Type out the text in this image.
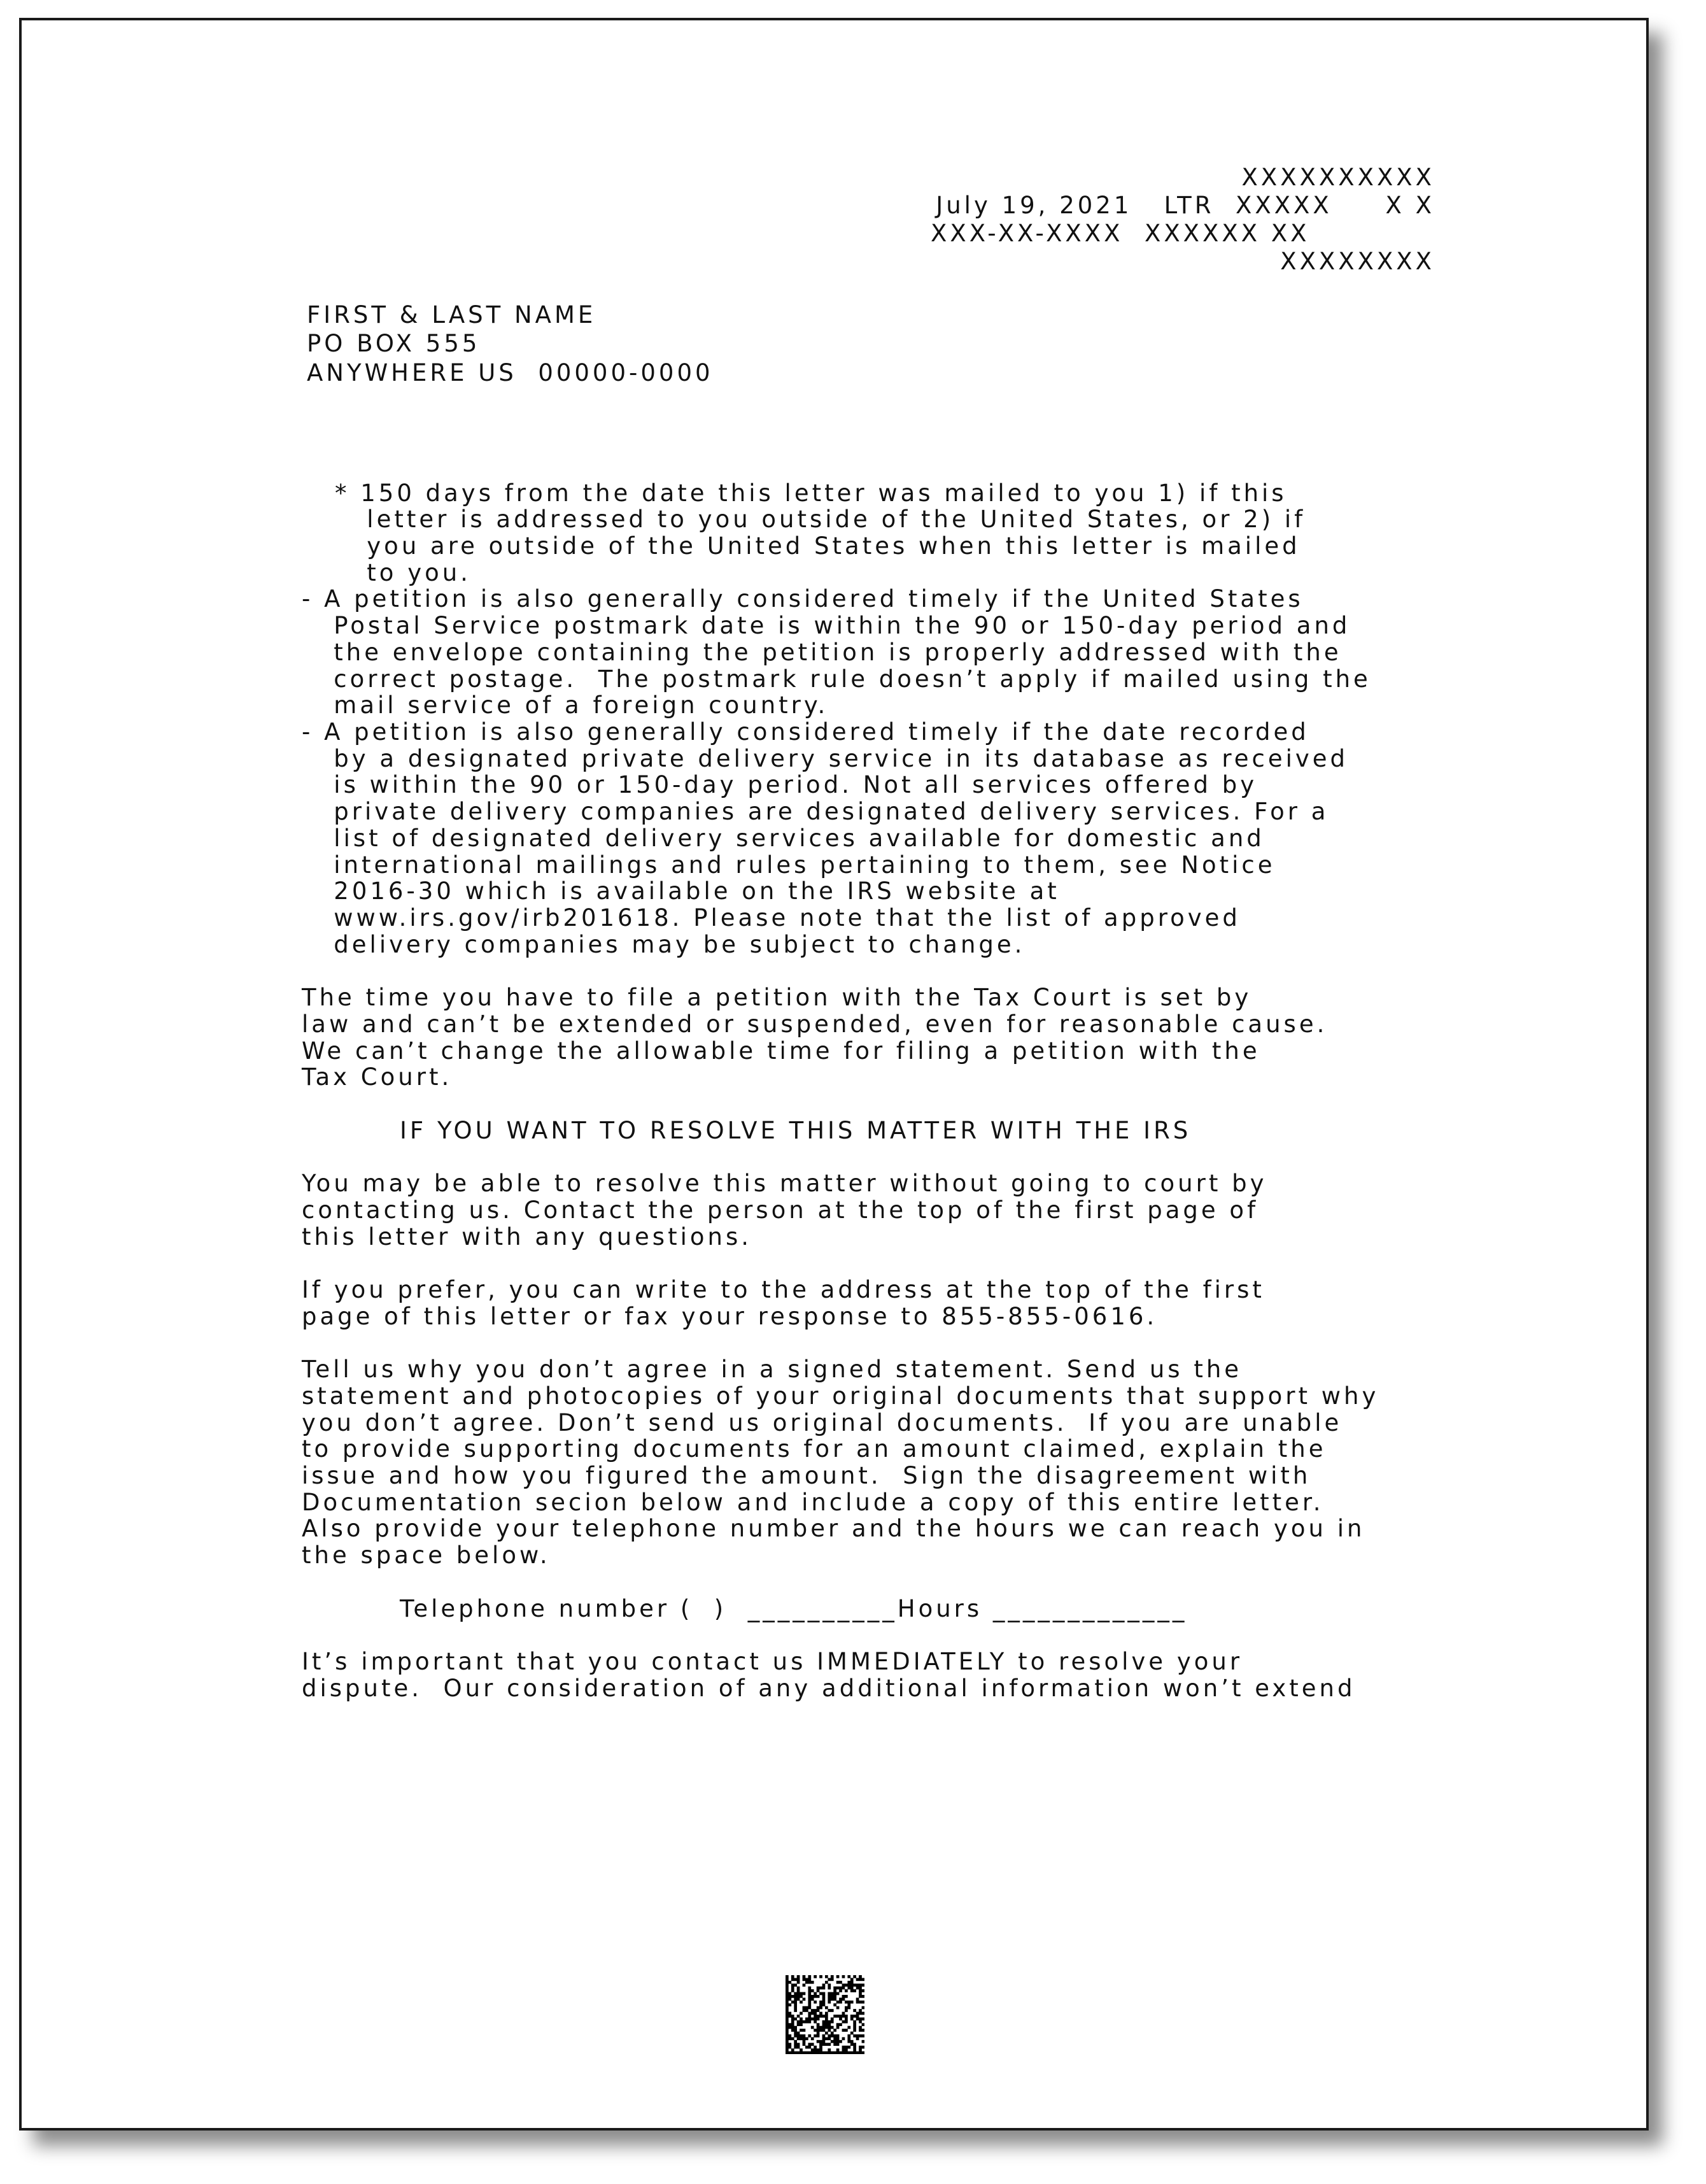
XXXXXXXXXX
July 19, 2021   LTR  XXXXX     X X
XXX-XX-XXXX  XXXXXX XX
XXXXXXXX
FIRST & LAST NAME
PO BOX 555
ANYWHERE US  00000-0000
* 150 days from the date this letter was mailed to you 1) if this
letter is addressed to you outside of the United States, or 2) if
you are outside of the United States when this letter is mailed
to you.
- A petition is also generally considered timely if the United States
Postal Service postmark date is within the 90 or 150-day period and
the envelope containing the petition is properly addressed with the
correct postage.  The postmark rule doesn’t apply if mailed using the
mail service of a foreign country.
- A petition is also generally considered timely if the date recorded
by a designated private delivery service in its database as received
is within the 90 or 150-day period. Not all services offered by
private delivery companies are designated delivery services. For a
list of designated delivery services available for domestic and
international mailings and rules pertaining to them, see Notice
2016-30 which is available on the IRS website at
www.irs.gov/irb201618. Please note that the list of approved
delivery companies may be subject to change.
The time you have to file a petition with the Tax Court is set by
law and can’t be extended or suspended, even for reasonable cause.
We can’t change the allowable time for filing a petition with the
Tax Court.
IF YOU WANT TO RESOLVE THIS MATTER WITH THE IRS
You may be able to resolve this matter without going to court by
contacting us. Contact the person at the top of the first page of
this letter with any questions.
If you prefer, you can write to the address at the top of the first
page of this letter or fax your response to 855-855-0616.
Tell us why you don’t agree in a signed statement. Send us the
statement and photocopies of your original documents that support why
you don’t agree. Don’t send us original documents.  If you are unable
to provide supporting documents for an amount claimed, explain the
issue and how you figured the amount.  Sign the disagreement with
Documentation secion below and include a copy of this entire letter.
Also provide your telephone number and the hours we can reach you in
the space below.
Telephone number (  )  __________Hours _____________
It’s important that you contact us IMMEDIATELY to resolve your
dispute.  Our consideration of any additional information won’t extend
